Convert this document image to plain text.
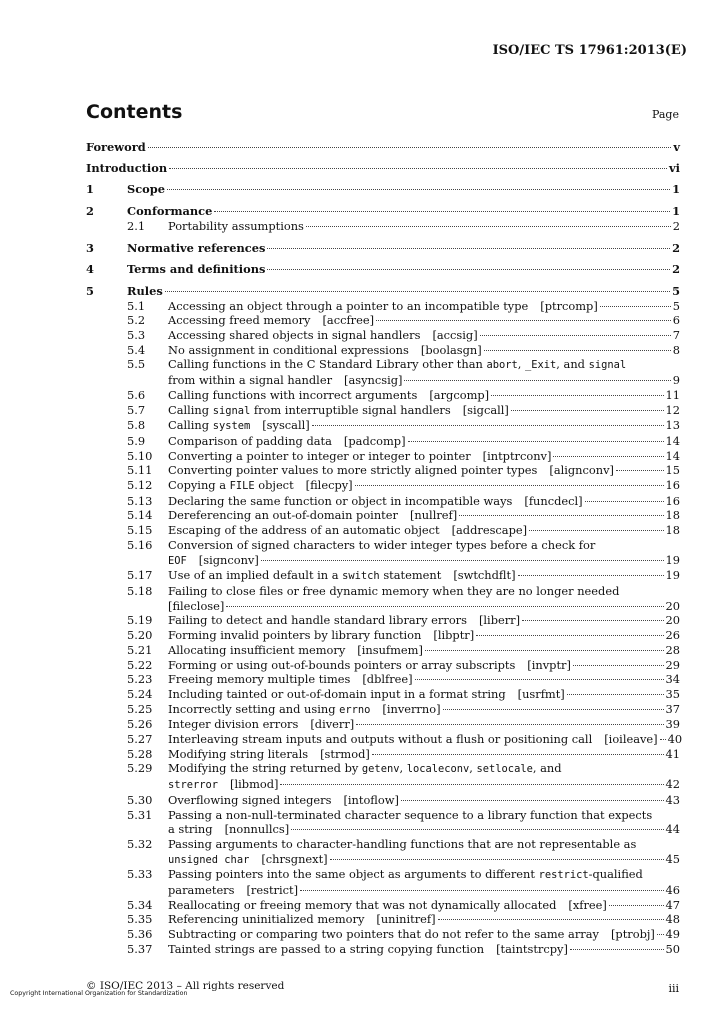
ISO/IEC TS 17961:2013(E)
Contents	Page
Foreword	v
Introduction	vi
1	Scope	1
2	Conformance	1
2.1	Portability assumptions	2
3	Normative references	2
4	Terms and definitions	2
5	Rules	5
5.1	Accessing an object through a pointer to an incompatible type [ptrcomp]	5
5.2	Accessing freed memory [accfree]	6
5.3	Accessing shared objects in signal handlers [accsig]	7
5.4	No assignment in conditional expressions [boolasgn]	8
5.5	Calling functions in the C Standard Library other than abort, _Exit, and signal
from within a signal handler [asyncsig]	9
5.6	Calling functions with incorrect arguments [argcomp]	11
5.7	Calling signal from interruptible signal handlers [sigcall]	12
5.8	Calling system [syscall]	13
5.9	Comparison of padding data [padcomp]	14
5.10	Converting a pointer to integer or integer to pointer [intptrconv]	14
5.11	Converting pointer values to more strictly aligned pointer types [alignconv]	15
5.12	Copying a FILE object [filecpy]	16
5.13	Declaring the same function or object in incompatible ways [funcdecl]	16
5.14	Dereferencing an out-of-domain pointer [nullref]	18
5.15	Escaping of the address of an automatic object [addrescape]	18
5.16	Conversion of signed characters to wider integer types before a check for
EOF [signconv]	19
5.17	Use of an implied default in a switch statement [swtchdflt]	19
5.18	Failing to close files or free dynamic memory when they are no longer needed
[fileclose]	20
5.19	Failing to detect and handle standard library errors [liberr]	20
5.20	Forming invalid pointers by library function [libptr]	26
5.21	Allocating insufficient memory [insufmem]	28
5.22	Forming or using out-of-bounds pointers or array subscripts [invptr]	29
5.23	Freeing memory multiple times [dblfree]	34
5.24	Including tainted or out-of-domain input in a format string [usrfmt]	35
5.25	Incorrectly setting and using errno [inverrno]	37
5.26	Integer division errors [diverr]	39
5.27	Interleaving stream inputs and outputs without a flush or positioning call [ioileave] 40
5.28	Modifying string literals [strmod]	41
5.29	Modifying the string returned by getenv, localeconv, setlocale, and
strerror [libmod]	42
5.30	Overflowing signed integers [intoflow]	43
5.31	Passing a non-null-terminated character sequence to a library function that expects
a string [nonnullcs]	44
5.32	Passing arguments to character-handling functions that are not representable as
unsigned char [chrsgnext]	45
5.33	Passing pointers into the same object as arguments to different restrict-qualified
parameters [restrict]	46
5.34	Reallocating or freeing memory that was not dynamically allocated [xfree]	47
5.35	Referencing uninitialized memory [uninitref]	48
5.36	Subtracting or comparing two pointers that do not refer to the same array [ptrobj] 49
5.37	Tainted strings are passed to a string copying function [taintstrcpy]	50
© ISO/IEC 2013 – All rights reserved
Copyright International Organization for Standardization	iii
